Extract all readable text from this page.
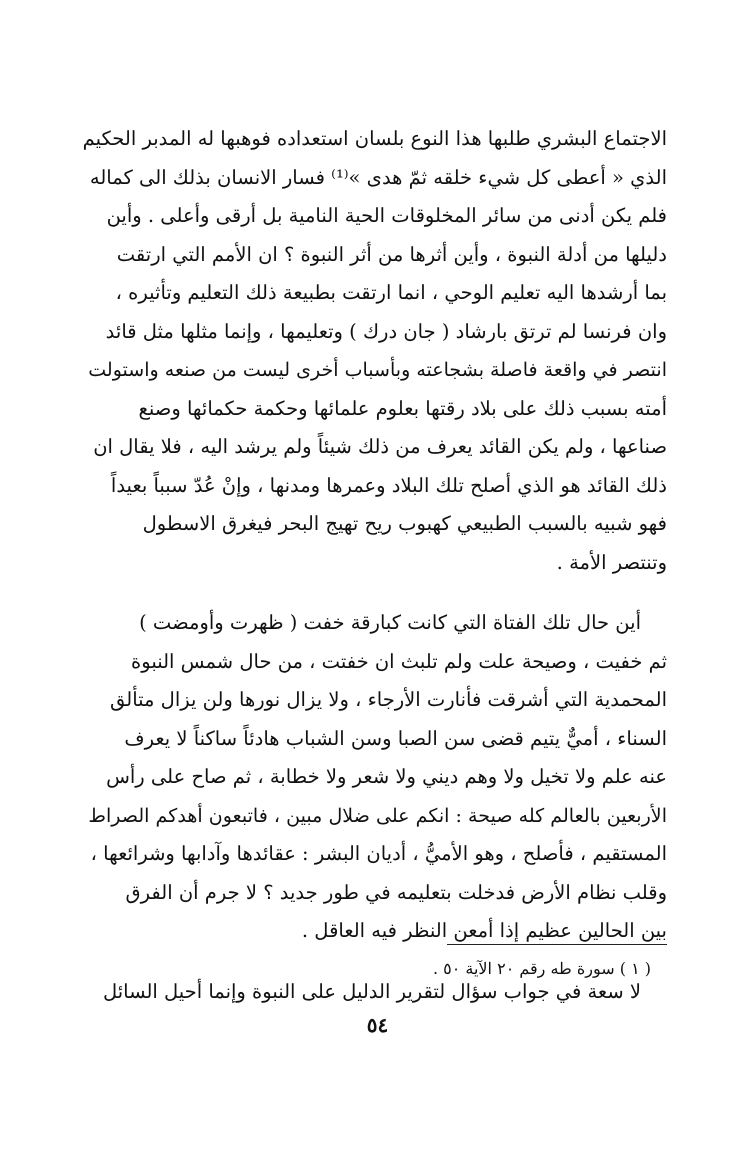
الاجتماع البشري طلبها هذا النوع بلسان استعداده فوهبها له المدبر الحكيم
الذي « أعطى كل شيء خلقه ثمّ هدى »⁽¹⁾ فسار الانسان بذلك الى كماله
فلم يكن أدنى من سائر المخلوقات الحية النامية بل أرقى وأعلى . وأين
دليلها من أدلة النبوة ، وأين أثرها من أثر النبوة ؟ ان الأمم التي ارتقت
بما أرشدها اليه تعليم الوحي ، انما ارتقت بطبيعة ذلك التعليم وتأثيره ،
وان فرنسا لم ترتق بارشاد ( جان درك ) وتعليمها ، وإنما مثلها مثل قائد
انتصر في واقعة فاصلة بشجاعته وبأسباب أخرى ليست من صنعه واستولت
أمته بسبب ذلك على بلاد رقتها بعلوم علمائها وحكمة حكمائها وصنع
صناعها ، ولم يكن القائد يعرف من ذلك شيئاً ولم يرشد اليه ، فلا يقال ان
ذلك القائد هو الذي أصلح تلك البلاد وعمرها ومدنها ، وإنْ عُدّ سبباً بعيداً
فهو شبيه بالسبب الطبيعي كهبوب ريح تهيج البحر فيغرق الاسطول
وتنتصر الأمة .
أين حال تلك الفتاة التي كانت كبارقة خفت ( ظهرت وأومضت )
ثم خفيت ، وصيحة علت ولم تلبث ان خفتت ، من حال شمس النبوة
المحمدية التي أشرقت فأنارت الأرجاء ، ولا يزال نورها ولن يزال متألق
السناء ، أميٌّ يتيم قضى سن الصبا وسن الشباب هادئاً ساكناً لا يعرف
عنه علم ولا تخيل ولا وهم ديني ولا شعر ولا خطابة ، ثم صاح على رأس
الأربعين بالعالم كله صيحة : انكم على ضلال مبين ، فاتبعون أهدكم الصراط
المستقيم ، فأصلح ، وهو الأميُّ ، أديان البشر : عقائدها وآدابها وشرائعها ،
وقلب نظام الأرض فدخلت بتعليمه في طور جديد ؟ لا جرم أن الفرق
بين الحالين عظيم إذا أمعن النظر فيه العاقل .
لا سعة في جواب سؤال لتقرير الدليل على النبوة وإنما أحيل السائل
( ١ ) سورة طه رقم ٢٠ الآية ٥٠ .
٥٤
